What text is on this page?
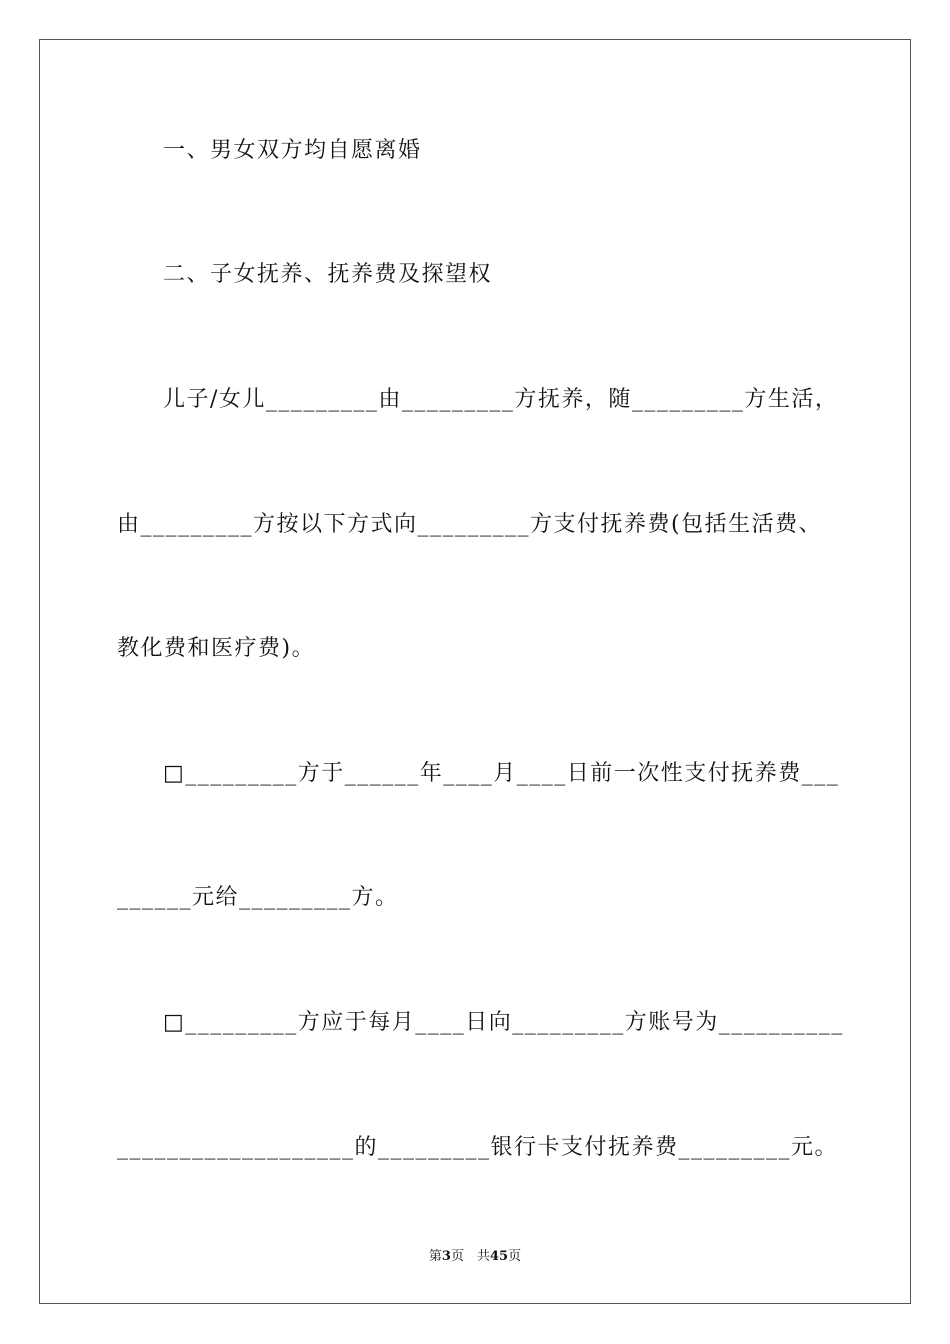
一、男女双方均自愿离婚
二、子女抚养、抚养费及探望权
儿子/女儿_________由_________方抚养，随_________方生活，
由_________方按以下方式向_________方支付抚养费(包括生活费、
教化费和医疗费)。
□_________方于______年____月____日前一次性支付抚养费___
______元给_________方。
□_________方应于每月____日向_________方账号为__________
___________________的_________银行卡支付抚养费_________元。
第3页　共45页
